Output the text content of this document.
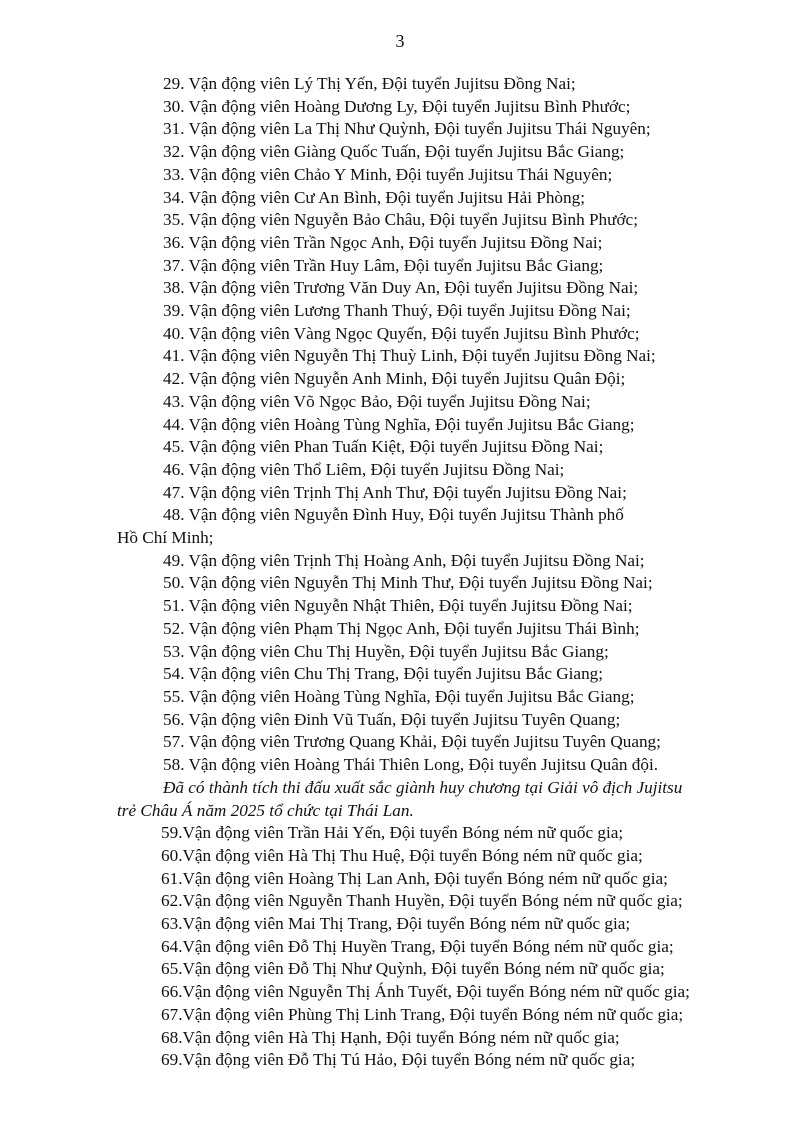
3
29. Vận động viên Lý Thị Yến, Đội tuyển Jujitsu Đồng Nai;
30. Vận động viên Hoàng Dương Ly, Đội tuyển Jujitsu Bình Phước;
31. Vận động viên La Thị Như Quỳnh, Đội tuyển Jujitsu Thái Nguyên;
32. Vận động viên Giàng Quốc Tuấn, Đội tuyển Jujitsu Bắc Giang;
33. Vận động viên Chảo Y Minh, Đội tuyển Jujitsu Thái Nguyên;
34. Vận động viên Cư An Bình, Đội tuyển Jujitsu Hải Phòng;
35. Vận động viên Nguyễn Bảo Châu, Đội tuyển Jujitsu Bình Phước;
36. Vận động viên Trần Ngọc Anh, Đội tuyển Jujitsu Đồng Nai;
37. Vận động viên Trần Huy Lâm, Đội tuyển Jujitsu Bắc Giang;
38. Vận động viên Trương Văn Duy An, Đội tuyển Jujitsu Đồng Nai;
39. Vận động viên Lương Thanh Thuý, Đội tuyển Jujitsu Đồng Nai;
40. Vận động viên Vàng Ngọc Quyến, Đội tuyển Jujitsu Bình Phước;
41. Vận động viên Nguyễn Thị Thuỳ Linh, Đội tuyển Jujitsu Đồng Nai;
42. Vận động viên Nguyễn Anh Minh, Đội tuyển Jujitsu Quân Đội;
43. Vận động viên Võ Ngọc Bảo, Đội tuyển Jujitsu Đồng Nai;
44. Vận động viên Hoàng Tùng Nghĩa, Đội tuyển Jujitsu Bắc Giang;
45. Vận động viên Phan Tuấn Kiệt, Đội tuyển Jujitsu Đồng Nai;
46. Vận động viên Thổ Liêm, Đội tuyển Jujitsu Đồng Nai;
47. Vận động viên Trịnh Thị Anh Thư, Đội tuyển Jujitsu Đồng Nai;
48. Vận động viên Nguyễn Đình Huy, Đội tuyển Jujitsu Thành phố
Hồ Chí Minh;
49. Vận động viên Trịnh Thị Hoàng Anh, Đội tuyển Jujitsu Đồng Nai;
50. Vận động viên Nguyễn Thị Minh Thư, Đội tuyển Jujitsu Đồng Nai;
51. Vận động viên Nguyễn Nhật Thiên, Đội tuyển Jujitsu Đồng Nai;
52. Vận động viên Phạm Thị Ngọc Anh, Đội tuyển Jujitsu Thái Bình;
53. Vận động viên Chu Thị Huyền, Đội tuyển Jujitsu Bắc Giang;
54. Vận động viên Chu Thị Trang, Đội tuyển Jujitsu Bắc Giang;
55. Vận động viên Hoàng Tùng Nghĩa, Đội tuyển Jujitsu Bắc Giang;
56. Vận động viên Đinh Vũ Tuấn, Đội tuyển Jujitsu Tuyên Quang;
57. Vận động viên Trương Quang Khải, Đội tuyển Jujitsu Tuyên Quang;
58. Vận động viên Hoàng Thái Thiên Long, Đội tuyển Jujitsu Quân đội.
Đã có thành tích thi đấu xuất sắc giành huy chương tại Giải vô địch Jujitsu
trẻ Châu Á năm 2025 tổ chức tại Thái Lan.
59.Vận động viên Trần Hải Yến, Đội tuyển Bóng ném nữ quốc gia;
60.Vận động viên Hà Thị Thu Huệ, Đội tuyển Bóng ném nữ quốc gia;
61.Vận động viên Hoàng Thị Lan Anh, Đội tuyển Bóng ném nữ quốc gia;
62.Vận động viên Nguyễn Thanh Huyền, Đội tuyển Bóng ném nữ quốc gia;
63.Vận động viên Mai Thị Trang, Đội tuyển Bóng ném nữ quốc gia;
64.Vận động viên Đỗ Thị Huyền Trang, Đội tuyển Bóng ném nữ quốc gia;
65.Vận động viên Đỗ Thị Như Quỳnh, Đội tuyển Bóng ném nữ quốc gia;
66.Vận động viên Nguyễn Thị Ánh Tuyết, Đội tuyển Bóng ném nữ quốc gia;
67.Vận động viên Phùng Thị Linh Trang, Đội tuyển Bóng ném nữ quốc gia;
68.Vận động viên Hà Thị Hạnh, Đội tuyển Bóng ném nữ quốc gia;
69.Vận động viên Đỗ Thị Tú Hảo, Đội tuyển Bóng ném nữ quốc gia;
